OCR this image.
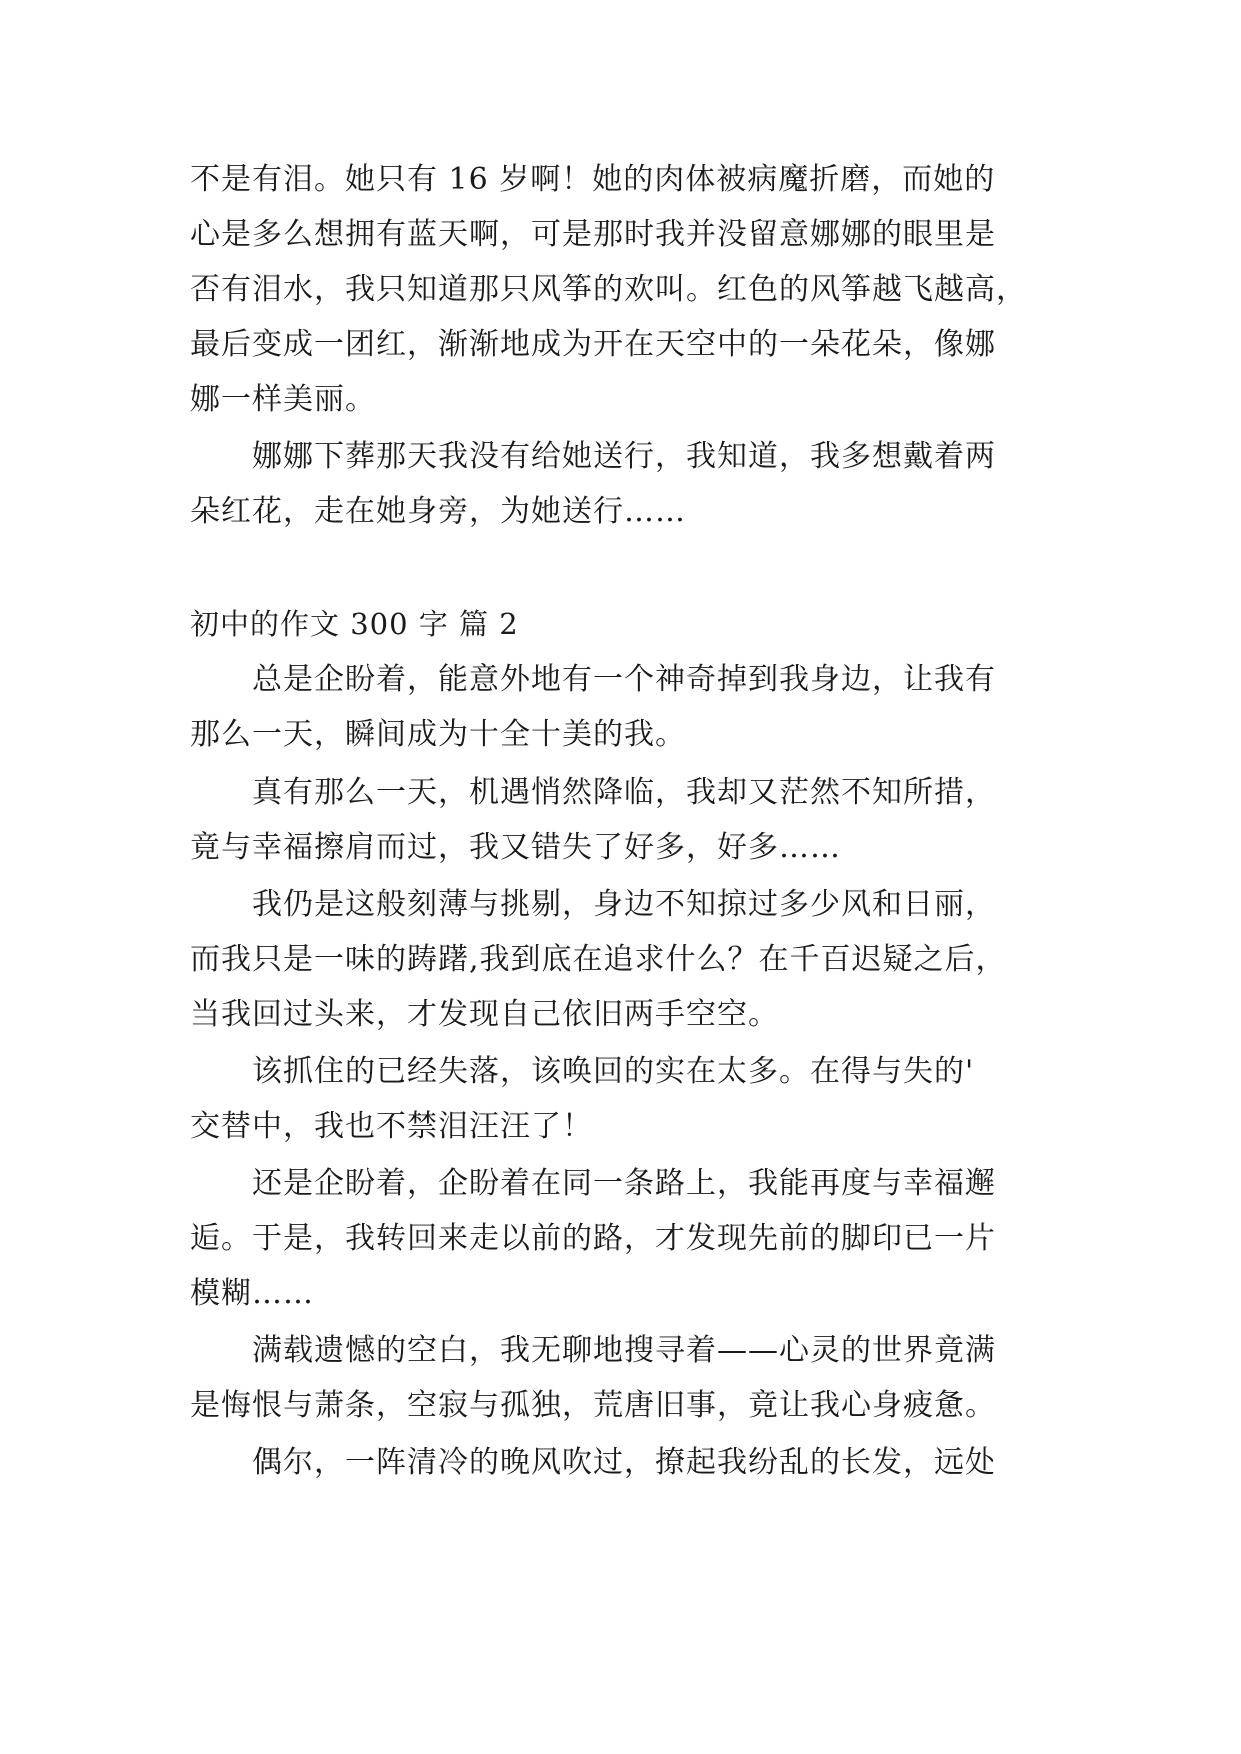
不是有泪。她只有 16 岁啊！她的肉体被病魔折磨，而她的
心是多么想拥有蓝天啊，可是那时我并没留意娜娜的眼里是
否有泪水，我只知道那只风筝的欢叫。红色的风筝越飞越高，
最后变成一团红，渐渐地成为开在天空中的一朵花朵，像娜
娜一样美丽。
娜娜下葬那天我没有给她送行，我知道，我多想戴着两
朵红花，走在她身旁，为她送行……
初中的作文 300 字 篇 2
总是企盼着，能意外地有一个神奇掉到我身边，让我有
那么一天，瞬间成为十全十美的我。
真有那么一天，机遇悄然降临，我却又茫然不知所措，
竟与幸福擦肩而过，我又错失了好多，好多……
我仍是这般刻薄与挑剔，身边不知掠过多少风和日丽，
而我只是一味的踌躇,我到底在追求什么？在千百迟疑之后，
当我回过头来，才发现自己依旧两手空空。
该抓住的已经失落，该唤回的实在太多。在得与失的'
交替中，我也不禁泪汪汪了！
还是企盼着，企盼着在同一条路上，我能再度与幸福邂
逅。于是，我转回来走以前的路，才发现先前的脚印已一片
模糊……
满载遗憾的空白，我无聊地搜寻着——心灵的世界竟满
是悔恨与萧条，空寂与孤独，荒唐旧事，竟让我心身疲惫。
偶尔，一阵清冷的晚风吹过，撩起我纷乱的长发，远处
